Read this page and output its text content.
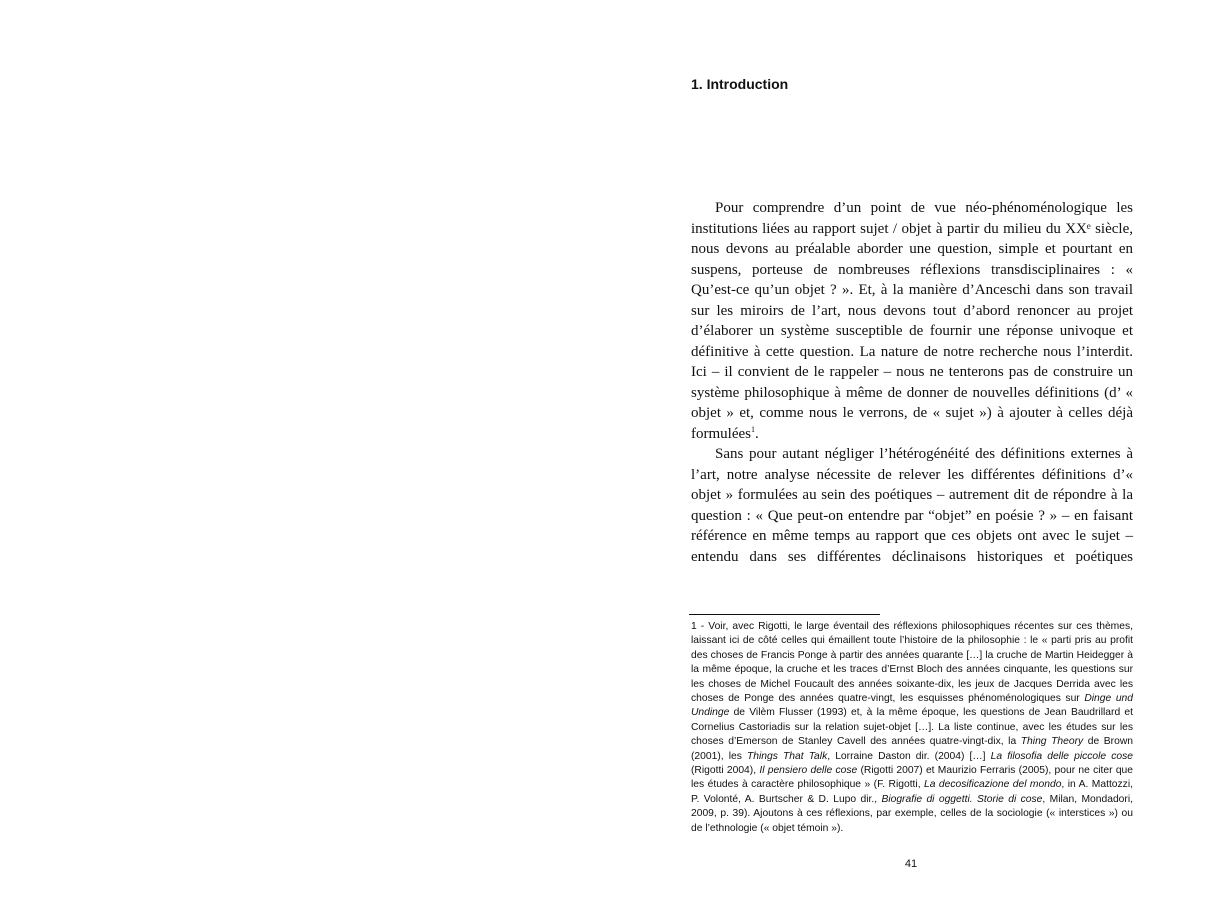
1. Introduction

Pour comprendre d’un point de vue néo-phénoménologique les institutions liées au rapport sujet / objet à partir du milieu du XXᵉ siècle, nous devons au préalable aborder une question, simple et pourtant en suspens, porteuse de nombreuses réflexions transdisciplinaires : « Qu’est-ce qu’un objet ? ». Et, à la manière d’Anceschi dans son travail sur les miroirs de l’art, nous devons tout d’abord renoncer au projet d’élaborer un système susceptible de fournir une réponse univoque et définitive à cette question. La nature de notre recherche nous l’interdit. Ici – il convient de le rappeler – nous ne tenterons pas de construire un système philosophique à même de donner de nouvelles définitions (d’ « objet » et, comme nous le verrons, de « sujet ») à ajouter à celles déjà formulées$^1$.

Sans pour autant négliger l’hétérogénéité des définitions externes à l’art, notre analyse nécessite de relever les différentes définitions d’« objet » formulées au sein des poétiques – autrement dit de répondre à la question : « Que peut-on entendre par “objet” en poésie ? » – en faisant référence en même temps au rapport que ces objets ont avec le sujet – entendu dans ses différentes déclinaisons historiques et poétiques

1 - Voir, avec Rigotti, le large éventail des réflexions philosophiques récentes sur ces thèmes, laissant ici de côté celles qui émaillent toute l’histoire de la philosophie : le « parti pris au profit des choses de Francis Ponge à partir des années quarante […] la cruche de Martin Heidegger à la même époque, la cruche et les traces d’Ernst Bloch des années cinquante, les questions sur les choses de Michel Foucault des années soixante-dix, les jeux de Jacques Derrida avec les choses de Ponge des années quatre-vingt, les esquisses phénoménologiques sur Dinge und Undinge de Vilèm Flusser (1993) et, à la même époque, les questions de Jean Baudrillard et Cornelius Castoriadis sur la relation sujet-objet […]. La liste continue, avec les études sur les choses d’Emerson de Stanley Cavell des années quatre-vingt-dix, la Thing Theory de Brown (2001), les Things That Talk, Lorraine Daston dir. (2004) […] La filosofia delle piccole cose (Rigotti 2004), Il pensiero delle cose (Rigotti 2007) et Maurizio Ferraris (2005), pour ne citer que les études à caractère philosophique » (F. Rigotti, La decosificazione del mondo, in A. Mattozzi, P. Volonté, A. Burtscher & D. Lupo dir., Biografie di oggetti. Storie di cose, Milan, Mondadori, 2009, p. 39). Ajoutons à ces réflexions, par exemple, celles de la sociologie (« interstices ») ou de l’ethnologie (« objet témoin »).

41
